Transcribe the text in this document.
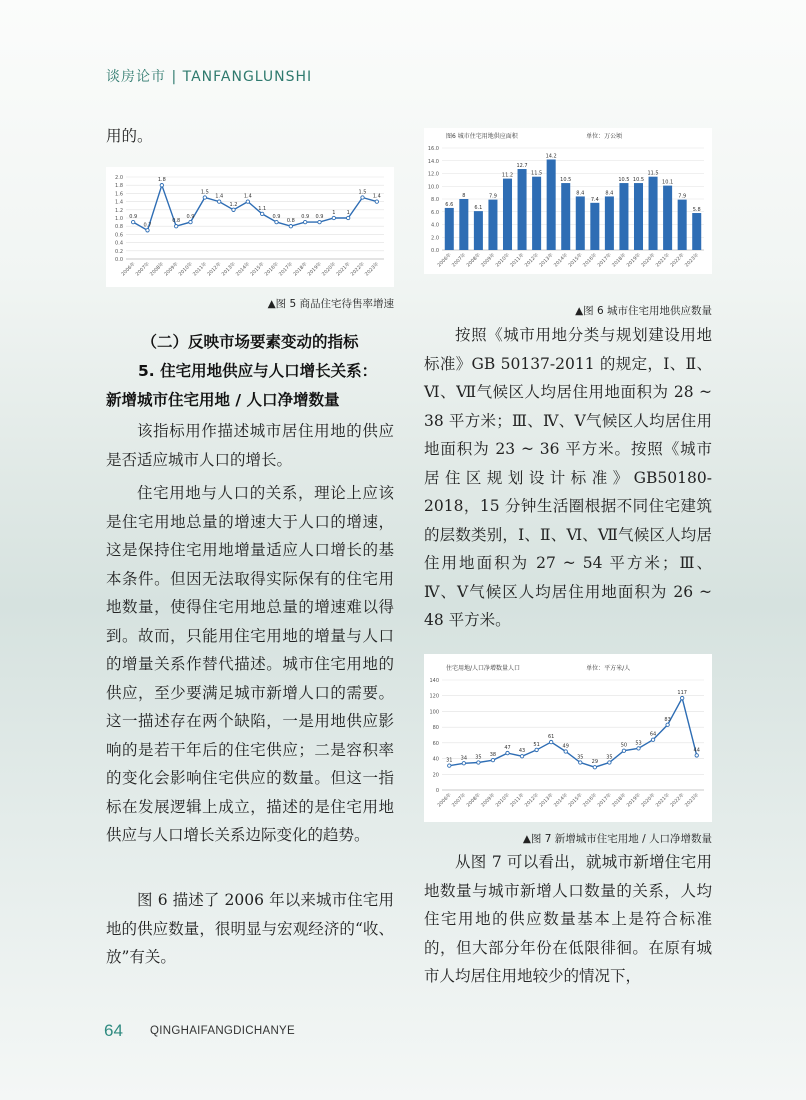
谈房论市 | TANFANGLUNSHI

用的。

0.0
0.2
0.4
0.6
0.8
1.0
1.2
1.4
1.6
1.8
2.0
2006年
2007年
2008年
2009年
2010年
2011年
2012年
2013年
2014年
2015年
2016年
2017年
2018年
2019年
2020年
2021年
2022年
2023年
0.9
0.7
1.8
0.8
0.9
1.5
1.4
1.2
1.4
1.1
0.9
0.8
0.9 0.9
1 1
1.5
1.4
▲图 5 商品住宅待售率增速

（二）反映市场要素变动的指标

5. 住宅用地供应与人口增长关系：

新增城市住宅用地 / 人口净增数量

该指标用作描述城市居住用地的供应是否适应城市人口的增长。

住宅用地与人口的关系，理论上应该是住宅用地总量的增速大于人口的增速，这是保持住宅用地增量适应人口增长的基本条件。但因无法取得实际保有的住宅用地数量，使得住宅用地总量的增速难以得到。故而，只能用住宅用地的增量与人口的增量关系作替代描述。城市住宅用地的供应，至少要满足城市新增人口的需要。这一描述存在两个缺陷，一是用地供应影响的是若干年后的住宅供应；二是容积率的变化会影响住宅供应的数量。但这一指标在发展逻辑上成立，描述的是住宅用地供应与人口增长关系边际变化的趋势。

图 6 描述了 2006 年以来城市住宅用地的供应数量，很明显与宏观经济的“收、放”有关。

图6 城市住宅用地供应面积	单位：万公顷
0.0
2.0
4.0
6.0
8.0
10.0
12.0
14.0
16.0
2006年
2007年
2008年
2009年
2010年
2011年
2012年
2013年
2014年
2015年
2016年
2017年
2018年
2019年
2020年
2021年
2022年
2023年
6.6
8
6.1
7.9
11.2
12.7
11.5
14.2
10.5
8.4
7.4
8.4
10.5 10.5
11.5
10.1
7.9
5.8
▲图 6 城市住宅用地供应数量

按照《城市用地分类与规划建设用地标准》GB 50137-2011 的规定，Ⅰ、Ⅱ、Ⅵ、Ⅶ气候区人均居住用地面积为 28 ~ 38 平方米；Ⅲ、Ⅳ、Ⅴ气候区人均居住用地面积为 23 ~ 36 平方米。按照《城市居住区规划设计标准》GB50180-2018，15 分钟生活圈根据不同住宅建筑的层数类别，Ⅰ、Ⅱ、Ⅵ、Ⅶ气候区人均居住用地面积为 27 ~ 54 平方米；Ⅲ、Ⅳ、Ⅴ气候区人均居住用地面积为 26 ~ 48 平方米。

住宅用地/人口净增数量人口	单位：平方米/人
0
20
40
60
80
100
120
140
2006年
2007年
2008年
2009年
2010年
2011年
2012年
2013年
2014年
2015年
2016年
2017年
2018年
2019年
2020年
2021年
2022年
2023年
31 34 35 38
47
43
51
61
49
35
29
35
50 53
64
83
117
44
▲图 7 新增城市住宅用地 / 人口净增数量

从图 7 可以看出，就城市新增住宅用地数量与城市新增人口数量的关系，人均住宅用地的供应数量基本上是符合标准的，但大部分年份在低限徘徊。在原有城市人均居住用地较少的情况下，

64 QINGHAIFANGDICHANYE
